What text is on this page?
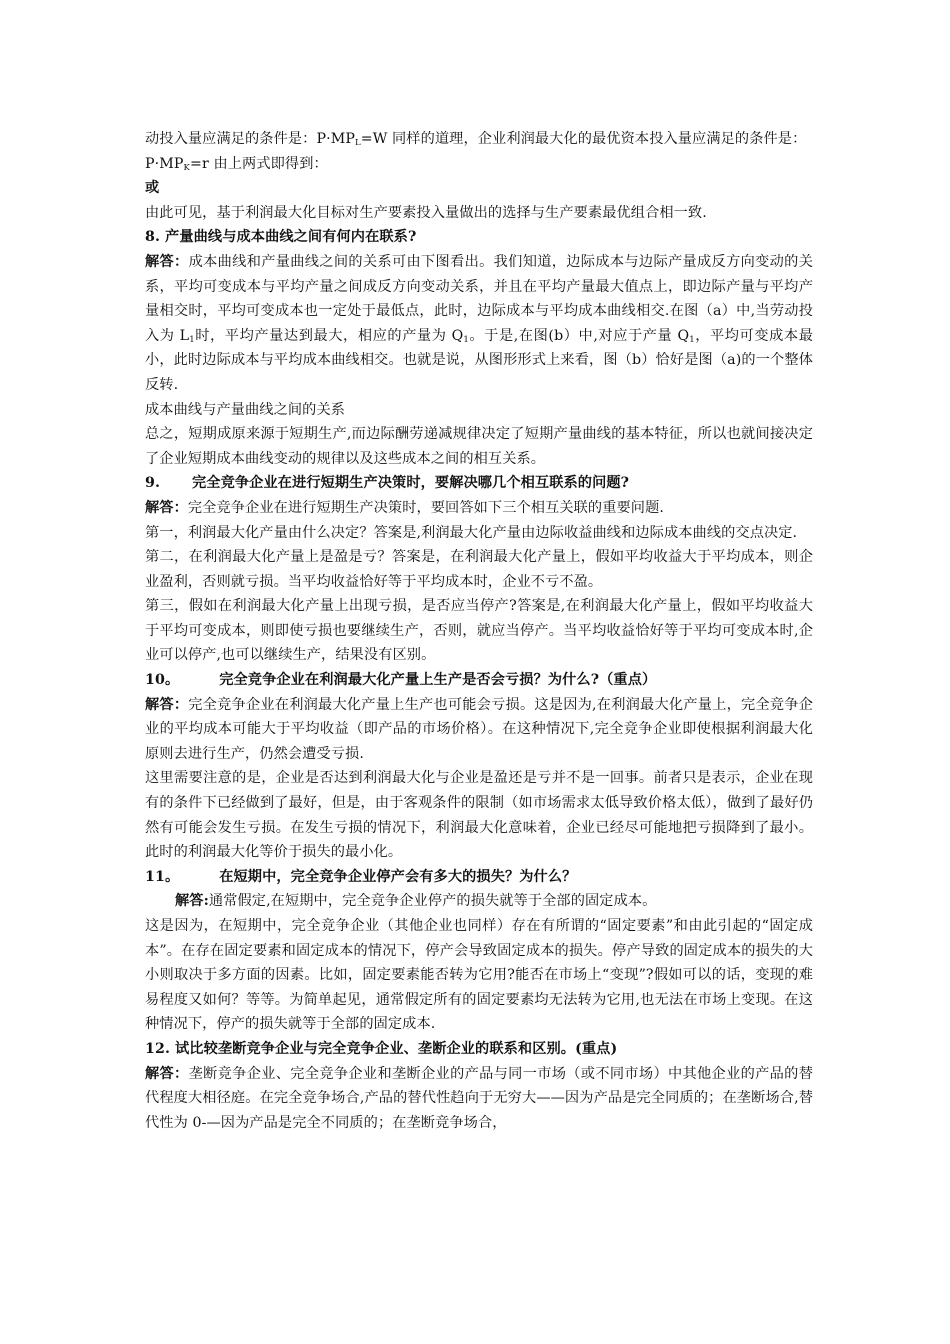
动投入量应满足的条件是：$P\cdot MP_L=W$ 同样的道理，企业利润最大化的最优资本投入量应满足的条件是：

$P\cdot MP_K=r$ 由上两式即得到：

或

由此可见，基于利润最大化目标对生产要素投入量做出的选择与生产要素最优组合相一致.

8. 产量曲线与成本曲线之间有何内在联系?

解答：成本曲线和产量曲线之间的关系可由下图看出。我们知道，边际成本与边际产量成反方向变动的关系，平均可变成本与平均产量之间成反方向变动关系，并且在平均产量最大值点上，即边际产量与平均产量相交时，平均可变成本也一定处于最低点，此时，边际成本与平均成本曲线相交.在图（a）中,当劳动投入为 $L_1$时，平均产量达到最大，相应的产量为 $Q_1$。于是,在图(b）中,对应于产量 $Q_1$，平均可变成本最小，此时边际成本与平均成本曲线相交。也就是说，从图形形式上来看，图（b）恰好是图（a)的一个整体反转.

成本曲线与产量曲线之间的关系

总之，短期成原来源于短期生产,而边际酬劳递减规律决定了短期产量曲线的基本特征，所以也就间接决定了企业短期成本曲线变动的规律以及这些成本之间的相互关系。

9. 完全竞争企业在进行短期生产决策时，要解决哪几个相互联系的问题?

解答：完全竞争企业在进行短期生产决策时，要回答如下三个相互关联的重要问题.

第一，利润最大化产量由什么决定？答案是,利润最大化产量由边际收益曲线和边际成本曲线的交点决定.

第二，在利润最大化产量上是盈是亏？答案是，在利润最大化产量上，假如平均收益大于平均成本，则企业盈利，否则就亏损。当平均收益恰好等于平均成本时，企业不亏不盈。

第三，假如在利润最大化产量上出现亏损，是否应当停产?答案是,在利润最大化产量上，假如平均收益大于平均可变成本，则即使亏损也要继续生产，否则，就应当停产。当平均收益恰好等于平均可变成本时,企业可以停产,也可以继续生产，结果没有区别。

10。	完全竞争企业在利润最大化产量上生产是否会亏损？为什么?（重点）

解答：完全竞争企业在利润最大化产量上生产也可能会亏损。这是因为,在利润最大化产量上，完全竞争企业的平均成本可能大于平均收益（即产品的市场价格）。在这种情况下,完全竞争企业即使根据利润最大化原则去进行生产，仍然会遭受亏损.

这里需要注意的是，企业是否达到利润最大化与企业是盈还是亏并不是一回事。前者只是表示，企业在现有的条件下已经做到了最好，但是，由于客观条件的限制（如市场需求太低导致价格太低），做到了最好仍然有可能会发生亏损。在发生亏损的情况下，利润最大化意味着，企业已经尽可能地把亏损降到了最小。此时的利润最大化等价于损失的最小化。

11。	在短期中，完全竞争企业停产会有多大的损失？为什么？

解答:通常假定,在短期中，完全竞争企业停产的损失就等于全部的固定成本。

这是因为，在短期中，完全竞争企业（其他企业也同样）存在有所谓的“固定要素”和由此引起的“固定成本”。在存在固定要素和固定成本的情况下，停产会导致固定成本的损失。停产导致的固定成本的损失的大小则取决于多方面的因素。比如，固定要素能否转为它用?能否在市场上“变现”?假如可以的话，变现的难易程度又如何？等等。为简单起见，通常假定所有的固定要素均无法转为它用,也无法在市场上变现。在这种情况下，停产的损失就等于全部的固定成本.

12. 试比较垄断竞争企业与完全竞争企业、垄断企业的联系和区别。(重点)

解答：垄断竞争企业、完全竞争企业和垄断企业的产品与同一市场（或不同市场）中其他企业的产品的替代程度大相径庭。在完全竞争场合,产品的替代性趋向于无穷大——因为产品是完全同质的；在垄断场合,替代性为 0-—因为产品是完全不同质的；在垄断竞争场合，
